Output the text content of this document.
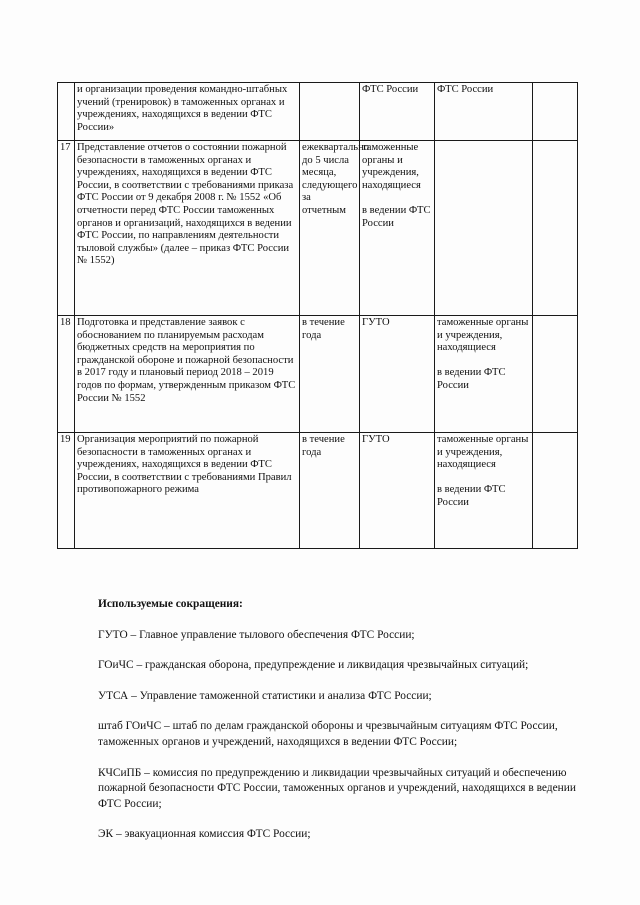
	и организации проведения командно-штабных учений (тренировок) в таможенных органах и учреждениях, находящихся в ведении ФТС России»		ФТС России	ФТС России	
17	Представление отчетов о состоянии пожарной безопасности в таможенных органах и учреждениях, находящихся в ведении ФТС России, в соответствии с требованиями приказа ФТС России от 9 декабря 2008 г. № 1552 «Об отчетности перед ФТС России таможенных органов и организаций, находящихся в ведении ФТС России, по направлениям деятельности тыловой службы» (далее – приказ ФТС России № 1552)	ежеквартально до 5 числа месяца, следующего за отчетным	таможенные органы и учреждения, находящиеся

в ведении ФТС России		
18	Подготовка и представление заявок с обоснованием по планируемым расходам бюджетных средств на мероприятия по гражданской обороне и пожарной безопасности в 2017 году и плановый период 2018 – 2019 годов по формам, утвержденным приказом ФТС России № 1552	в течение года	ГУТО	таможенные органы и учреждения, находящиеся

в ведении ФТС России	
19	Организация мероприятий по пожарной безопасности в таможенных органах и учреждениях, находящихся в ведении ФТС России, в соответствии с требованиями Правил противопожарного режима	в течение года	ГУТО	таможенные органы и учреждения, находящиеся

в ведении ФТС России	
Используемые сокращения:
ГУТО – Главное управление тылового обеспечения ФТС России;
ГОиЧС – гражданская оборона, предупреждение и ликвидация чрезвычайных ситуаций;
УТСА – Управление таможенной статистики и анализа ФТС России;
штаб ГОиЧС – штаб по делам гражданской обороны и чрезвычайным ситуациям ФТС России, таможенных органов и учреждений, находящихся в ведении ФТС России;
КЧСиПБ – комиссия по предупреждению и ликвидации чрезвычайных ситуаций и обеспечению пожарной безопасности ФТС России, таможенных органов и учреждений, находящихся в ведении ФТС России;
ЭК – эвакуационная комиссия ФТС России;
